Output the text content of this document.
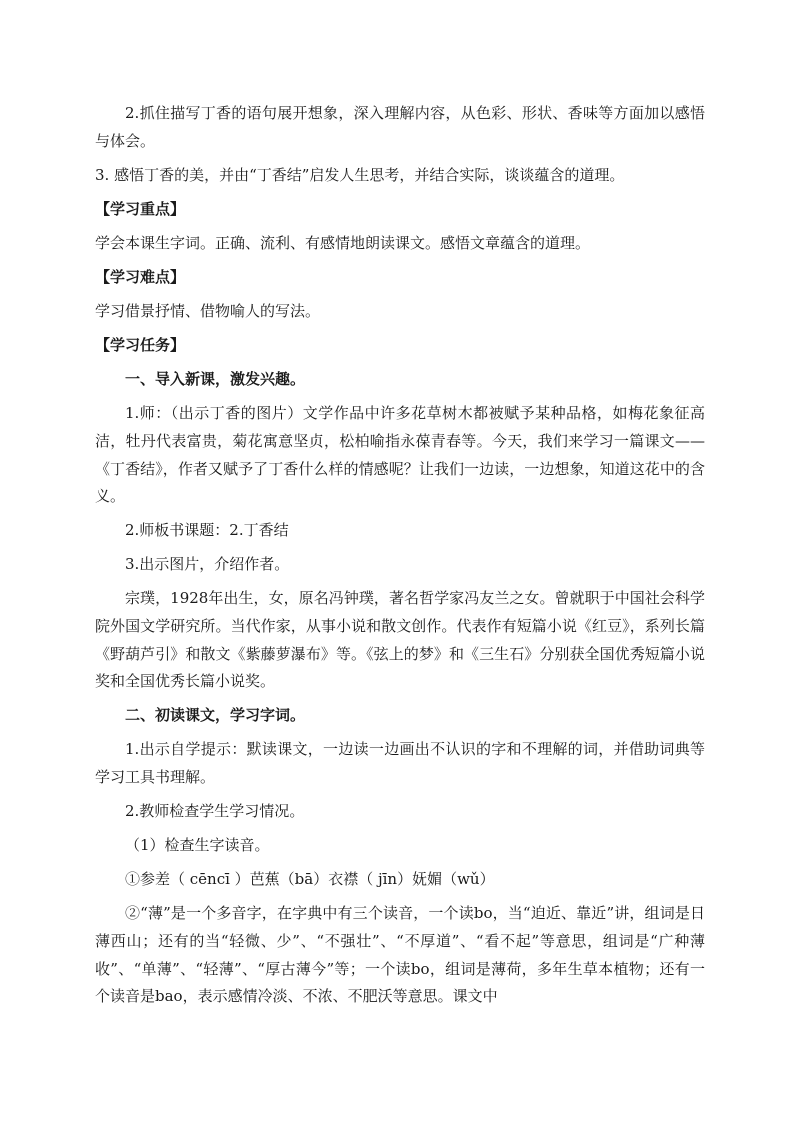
2.抓住描写丁香的语句展开想象，深入理解内容，从色彩、形状、香味等方面加以感悟与体会。

3. 感悟丁香的美，并由“丁香结”启发人生思考，并结合实际，谈谈蕴含的道理。

【学习重点】

学会本课生字词。正确、流利、有感情地朗读课文。感悟文章蕴含的道理。

【学习难点】

学习借景抒情、借物喻人的写法。

【学习任务】

一、导入新课，激发兴趣。

1.师：（出示丁香的图片）文学作品中许多花草树木都被赋予某种品格，如梅花象征高洁，牡丹代表富贵，菊花寓意坚贞，松柏喻指永葆青春等。今天，我们来学习一篇课文——《丁香结》，作者又赋予了丁香什么样的情感呢？让我们一边读，一边想象，知道这花中的含义。

2.师板书课题：2.丁香结

3.出示图片，介绍作者。

宗璞，1928年出生，女，原名冯钟璞，著名哲学家冯友兰之女。曾就职于中国社会科学院外国文学研究所。当代作家，从事小说和散文创作。代表作有短篇小说《红豆》，系列长篇《野葫芦引》和散文《紫藤萝瀑布》等。《弦上的梦》和《三生石》分别获全国优秀短篇小说奖和全国优秀长篇小说奖。

二、初读课文，学习字词。

1.出示自学提示：默读课文，一边读一边画出不认识的字和不理解的词，并借助词典等学习工具书理解。

2.教师检查学生学习情况。

（1）检查生字读音。

①参差（ cēncī ）芭蕉（bā）衣襟（ jīn）妩媚（wǔ）

②“薄”是一个多音字，在字典中有三个读音，一个读bo，当“迫近、靠近”讲，组词是日薄西山；还有的当“轻微、少”、“不强壮”、“不厚道”、“看不起”等意思，组词是“广种薄收”、“单薄”、“轻薄”、“厚古薄今”等；一个读bo，组词是薄荷，多年生草本植物；还有一个读音是bao，表示感情冷淡、不浓、不肥沃等意思。课文中
